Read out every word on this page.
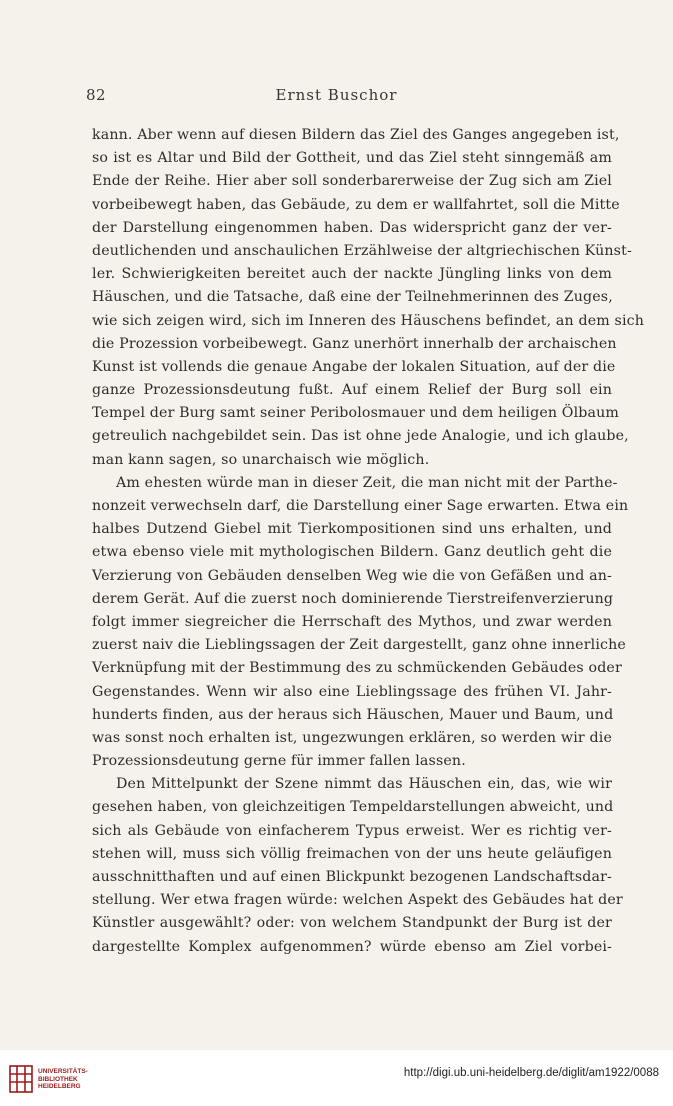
82	Ernst Buschor
kann. Aber wenn auf diesen Bildern das Ziel des Ganges angegeben ist,
so ist es Altar und Bild der Gottheit, und das Ziel steht sinngemäß am
Ende der Reihe. Hier aber soll sonderbarerweise der Zug sich am Ziel
vorbeibewegt haben, das Gebäude, zu dem er wallfahrtet, soll die Mitte
der Darstellung eingenommen haben. Das widerspricht ganz der ver-
deutlichenden und anschaulichen Erzählweise der altgriechischen Künst-
ler. Schwierigkeiten bereitet auch der nackte Jüngling links von dem
Häuschen, und die Tatsache, daß eine der Teilnehmerinnen des Zuges,
wie sich zeigen wird, sich im Inneren des Häuschens befindet, an dem sich
die Prozession vorbeibewegt. Ganz unerhört innerhalb der archaischen
Kunst ist vollends die genaue Angabe der lokalen Situation, auf der die
ganze Prozessionsdeutung fußt. Auf einem Relief der Burg soll ein
Tempel der Burg samt seiner Peribolosmauer und dem heiligen Ölbaum
getreulich nachgebildet sein. Das ist ohne jede Analogie, und ich glaube,
man kann sagen, so unarchaisch wie möglich.
Am ehesten würde man in dieser Zeit, die man nicht mit der Parthe-
nonzeit verwechseln darf, die Darstellung einer Sage erwarten. Etwa ein
halbes Dutzend Giebel mit Tierkompositionen sind uns erhalten, und
etwa ebenso viele mit mythologischen Bildern. Ganz deutlich geht die
Verzierung von Gebäuden denselben Weg wie die von Gefäßen und an-
derem Gerät. Auf die zuerst noch dominierende Tierstreifenverzierung
folgt immer siegreicher die Herrschaft des Mythos, und zwar werden
zuerst naiv die Lieblingssagen der Zeit dargestellt, ganz ohne innerliche
Verknüpfung mit der Bestimmung des zu schmückenden Gebäudes oder
Gegenstandes. Wenn wir also eine Lieblingssage des frühen VI. Jahr-
hunderts finden, aus der heraus sich Häuschen, Mauer und Baum, und
was sonst noch erhalten ist, ungezwungen erklären, so werden wir die
Prozessionsdeutung gerne für immer fallen lassen.
Den Mittelpunkt der Szene nimmt das Häuschen ein, das, wie wir
gesehen haben, von gleichzeitigen Tempeldarstellungen abweicht, und
sich als Gebäude von einfacherem Typus erweist. Wer es richtig ver-
stehen will, muss sich völlig freimachen von der uns heute geläufigen
ausschnitthaften und auf einen Blickpunkt bezogenen Landschaftsdar-
stellung. Wer etwa fragen würde: welchen Aspekt des Gebäudes hat der
Künstler ausgewählt? oder: von welchem Standpunkt der Burg ist der
dargestellte Komplex aufgenommen? würde ebenso am Ziel vorbei-
UNIVERSITÄTS-
BIBLIOTHEK
HEIDELBERG
http://digi.ub.uni-heidelberg.de/diglit/am1922/0088
